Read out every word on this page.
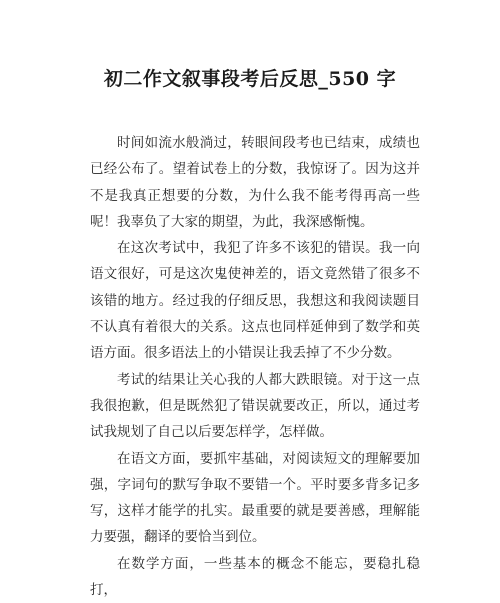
初二作文叙事段考后反思_550 字

时间如流水般淌过，转眼间段考也已结束，成绩也已经公布了。望着试卷上的分数，我惊讶了。因为这并不是我真正想要的分数，为什么我不能考得再高一些呢！我辜负了大家的期望，为此，我深感惭愧。

在这次考试中，我犯了许多不该犯的错误。我一向语文很好，可是这次鬼使神差的，语文竟然错了很多不该错的地方。经过我的仔细反思，我想这和我阅读题目不认真有着很大的关系。这点也同样延伸到了数学和英语方面。很多语法上的小错误让我丢掉了不少分数。

考试的结果让关心我的人都大跌眼镜。对于这一点我很抱歉，但是既然犯了错误就要改正，所以，通过考试我规划了自己以后要怎样学，怎样做。

在语文方面，要抓牢基础，对阅读短文的理解要加强，字词句的默写争取不要错一个。平时要多背多记多写，这样才能学的扎实。最重要的就是要善感，理解能力要强，翻译的要恰当到位。

在数学方面，一些基本的概念不能忘，要稳扎稳打，
